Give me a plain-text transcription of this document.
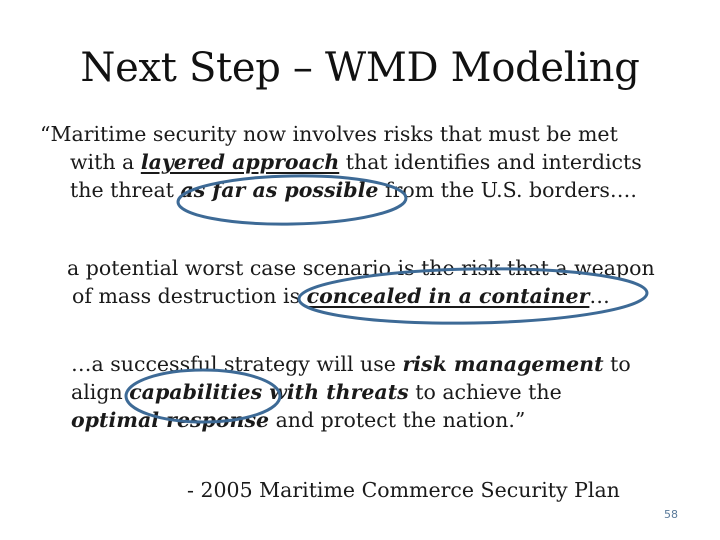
Next Step – WMD Modeling
“Maritime security now involves risks that must be met
with a layered approach that identifies and interdicts
the threat as far as possible from the U.S. borders….
a potential worst case scenario is the risk that a weapon
of mass destruction is concealed in a container…
…a successful strategy will use risk management to
align capabilities with threats to achieve the
optimal response and protect the nation.”
- 2005 Maritime Commerce Security Plan
58
